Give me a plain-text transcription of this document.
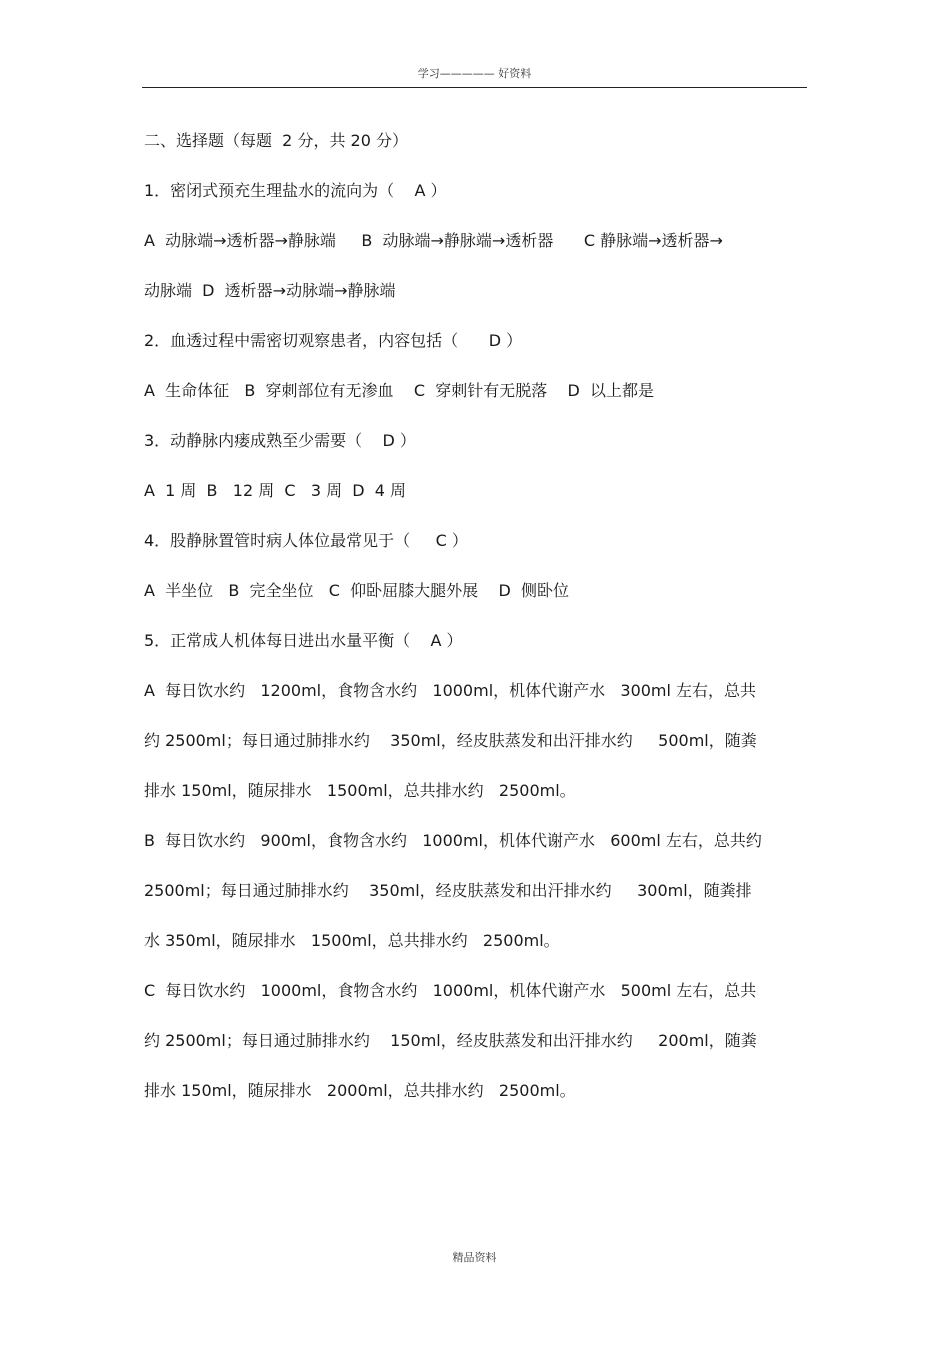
学习————— 好资料
二、选择题（每题  2 分，共 20 分）
1．密闭式预充生理盐水的流向为（    A ）
A  动脉端→透析器→静脉端     B  动脉端→静脉端→透析器      C 静脉端→透析器→
动脉端  D  透析器→动脉端→静脉端
2．血透过程中需密切观察患者，内容包括（      D ）
A  生命体征   B  穿刺部位有无渗血    C  穿刺针有无脱落    D  以上都是
3．动静脉内瘘成熟至少需要（    D ）
A  1 周  B   12 周  C   3 周  D  4 周
4．股静脉置管时病人体位最常见于（     C ）
A  半坐位   B  完全坐位   C  仰卧屈膝大腿外展    D  侧卧位
5．正常成人机体每日进出水量平衡（    A ）
A  每日饮水约   1200ml，食物含水约   1000ml，机体代谢产水   300ml 左右，总共
约 2500ml；每日通过肺排水约    350ml，经皮肤蒸发和出汗排水约     500ml，随粪
排水 150ml，随尿排水   1500ml，总共排水约   2500ml。
B  每日饮水约   900ml，食物含水约   1000ml，机体代谢产水   600ml 左右，总共约
2500ml；每日通过肺排水约    350ml，经皮肤蒸发和出汗排水约     300ml，随粪排
水 350ml，随尿排水   1500ml，总共排水约   2500ml。
C  每日饮水约   1000ml，食物含水约   1000ml，机体代谢产水   500ml 左右，总共
约 2500ml；每日通过肺排水约    150ml，经皮肤蒸发和出汗排水约     200ml，随粪
排水 150ml，随尿排水   2000ml，总共排水约   2500ml。
精品资料
